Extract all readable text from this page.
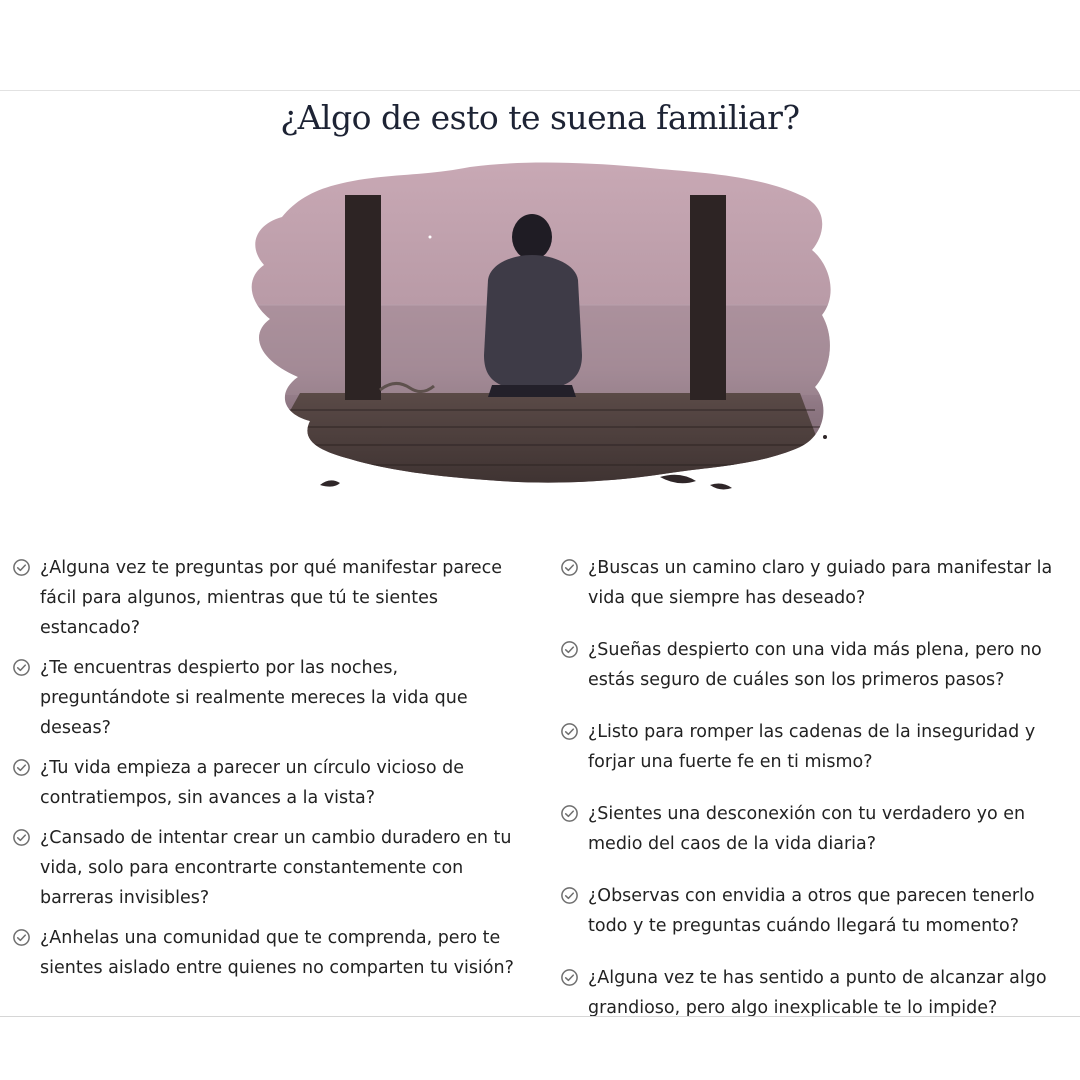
¿Algo de esto te suena familiar?
¿Alguna vez te preguntas por qué manifestar parece fácil para algunos, mientras que tú te sientes estancado?
¿Te encuentras despierto por las noches, preguntándote si realmente mereces la vida que deseas?
¿Tu vida empieza a parecer un círculo vicioso de contratiempos, sin avances a la vista?
¿Cansado de intentar crear un cambio duradero en tu vida, solo para encontrarte constantemente con barreras invisibles?
¿Anhelas una comunidad que te comprenda, pero te sientes aislado entre quienes no comparten tu visión?
¿Buscas un camino claro y guiado para manifestar la vida que siempre has deseado?
¿Sueñas despierto con una vida más plena, pero no estás seguro de cuáles son los primeros pasos?
¿Listo para romper las cadenas de la inseguridad y forjar una fuerte fe en ti mismo?
¿Sientes una desconexión con tu verdadero yo en medio del caos de la vida diaria?
¿Observas con envidia a otros que parecen tenerlo todo y te preguntas cuándo llegará tu momento?
¿Alguna vez te has sentido a punto de alcanzar algo grandioso, pero algo inexplicable te lo impide?
